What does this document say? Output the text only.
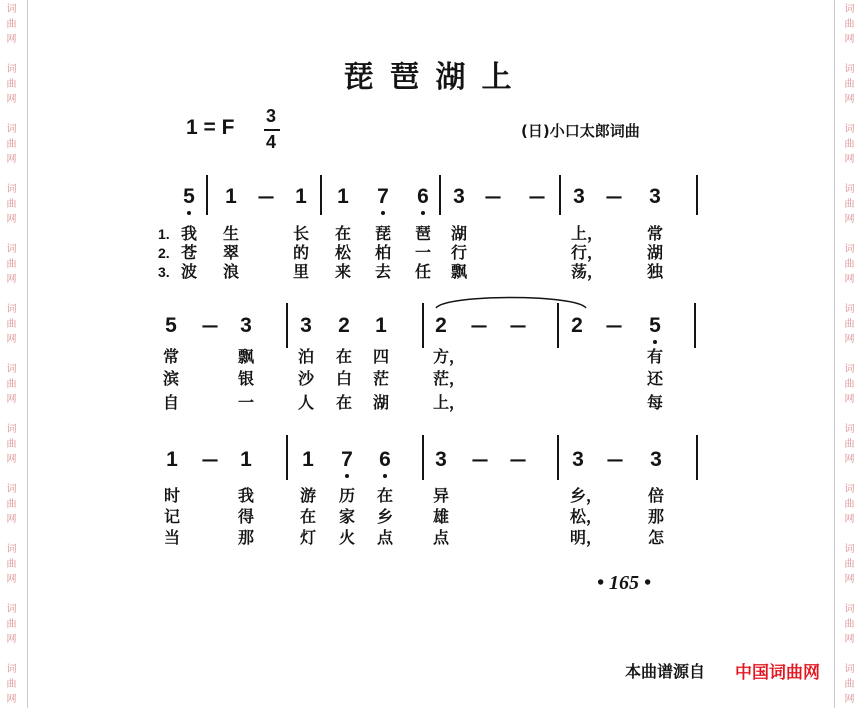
词曲网
词曲网
词曲网
词曲网
词曲网
词曲网
词曲网
词曲网
词曲网
词曲网
词曲网
词曲网
词曲网
词曲网
词曲网
词曲网
词曲网
词曲网
词曲网
词曲网
词曲网
词曲网
词曲网
词曲网
琵琶湖上
1 = F 3
4
(日)小口太郎词曲
5
我
苍
波
1
生
翠
浪
— 1
长
的
里
1
在
松
来
7
琵
柏
去
6
琶
一
任
3
湖
行
飘
— — 3
上，
行，
荡，
— 3
常
湖
独
1.
2.
3.
5
常
滨
自
— 3
飘
银
一
3
泊
沙
人
2
在
白
在
1
四
茫
湖
2
方，
茫，
上，
— — 2 — 5
有
还
每
1
时
记
当
— 1
我
得
那
1
游
在
灯
7
历
家
火
6
在
乡
点
3
异
雄
点
— — 3
乡，
松，
明，
— 3
倍
那
怎
• 165 •
本曲谱源自 中国词曲网
